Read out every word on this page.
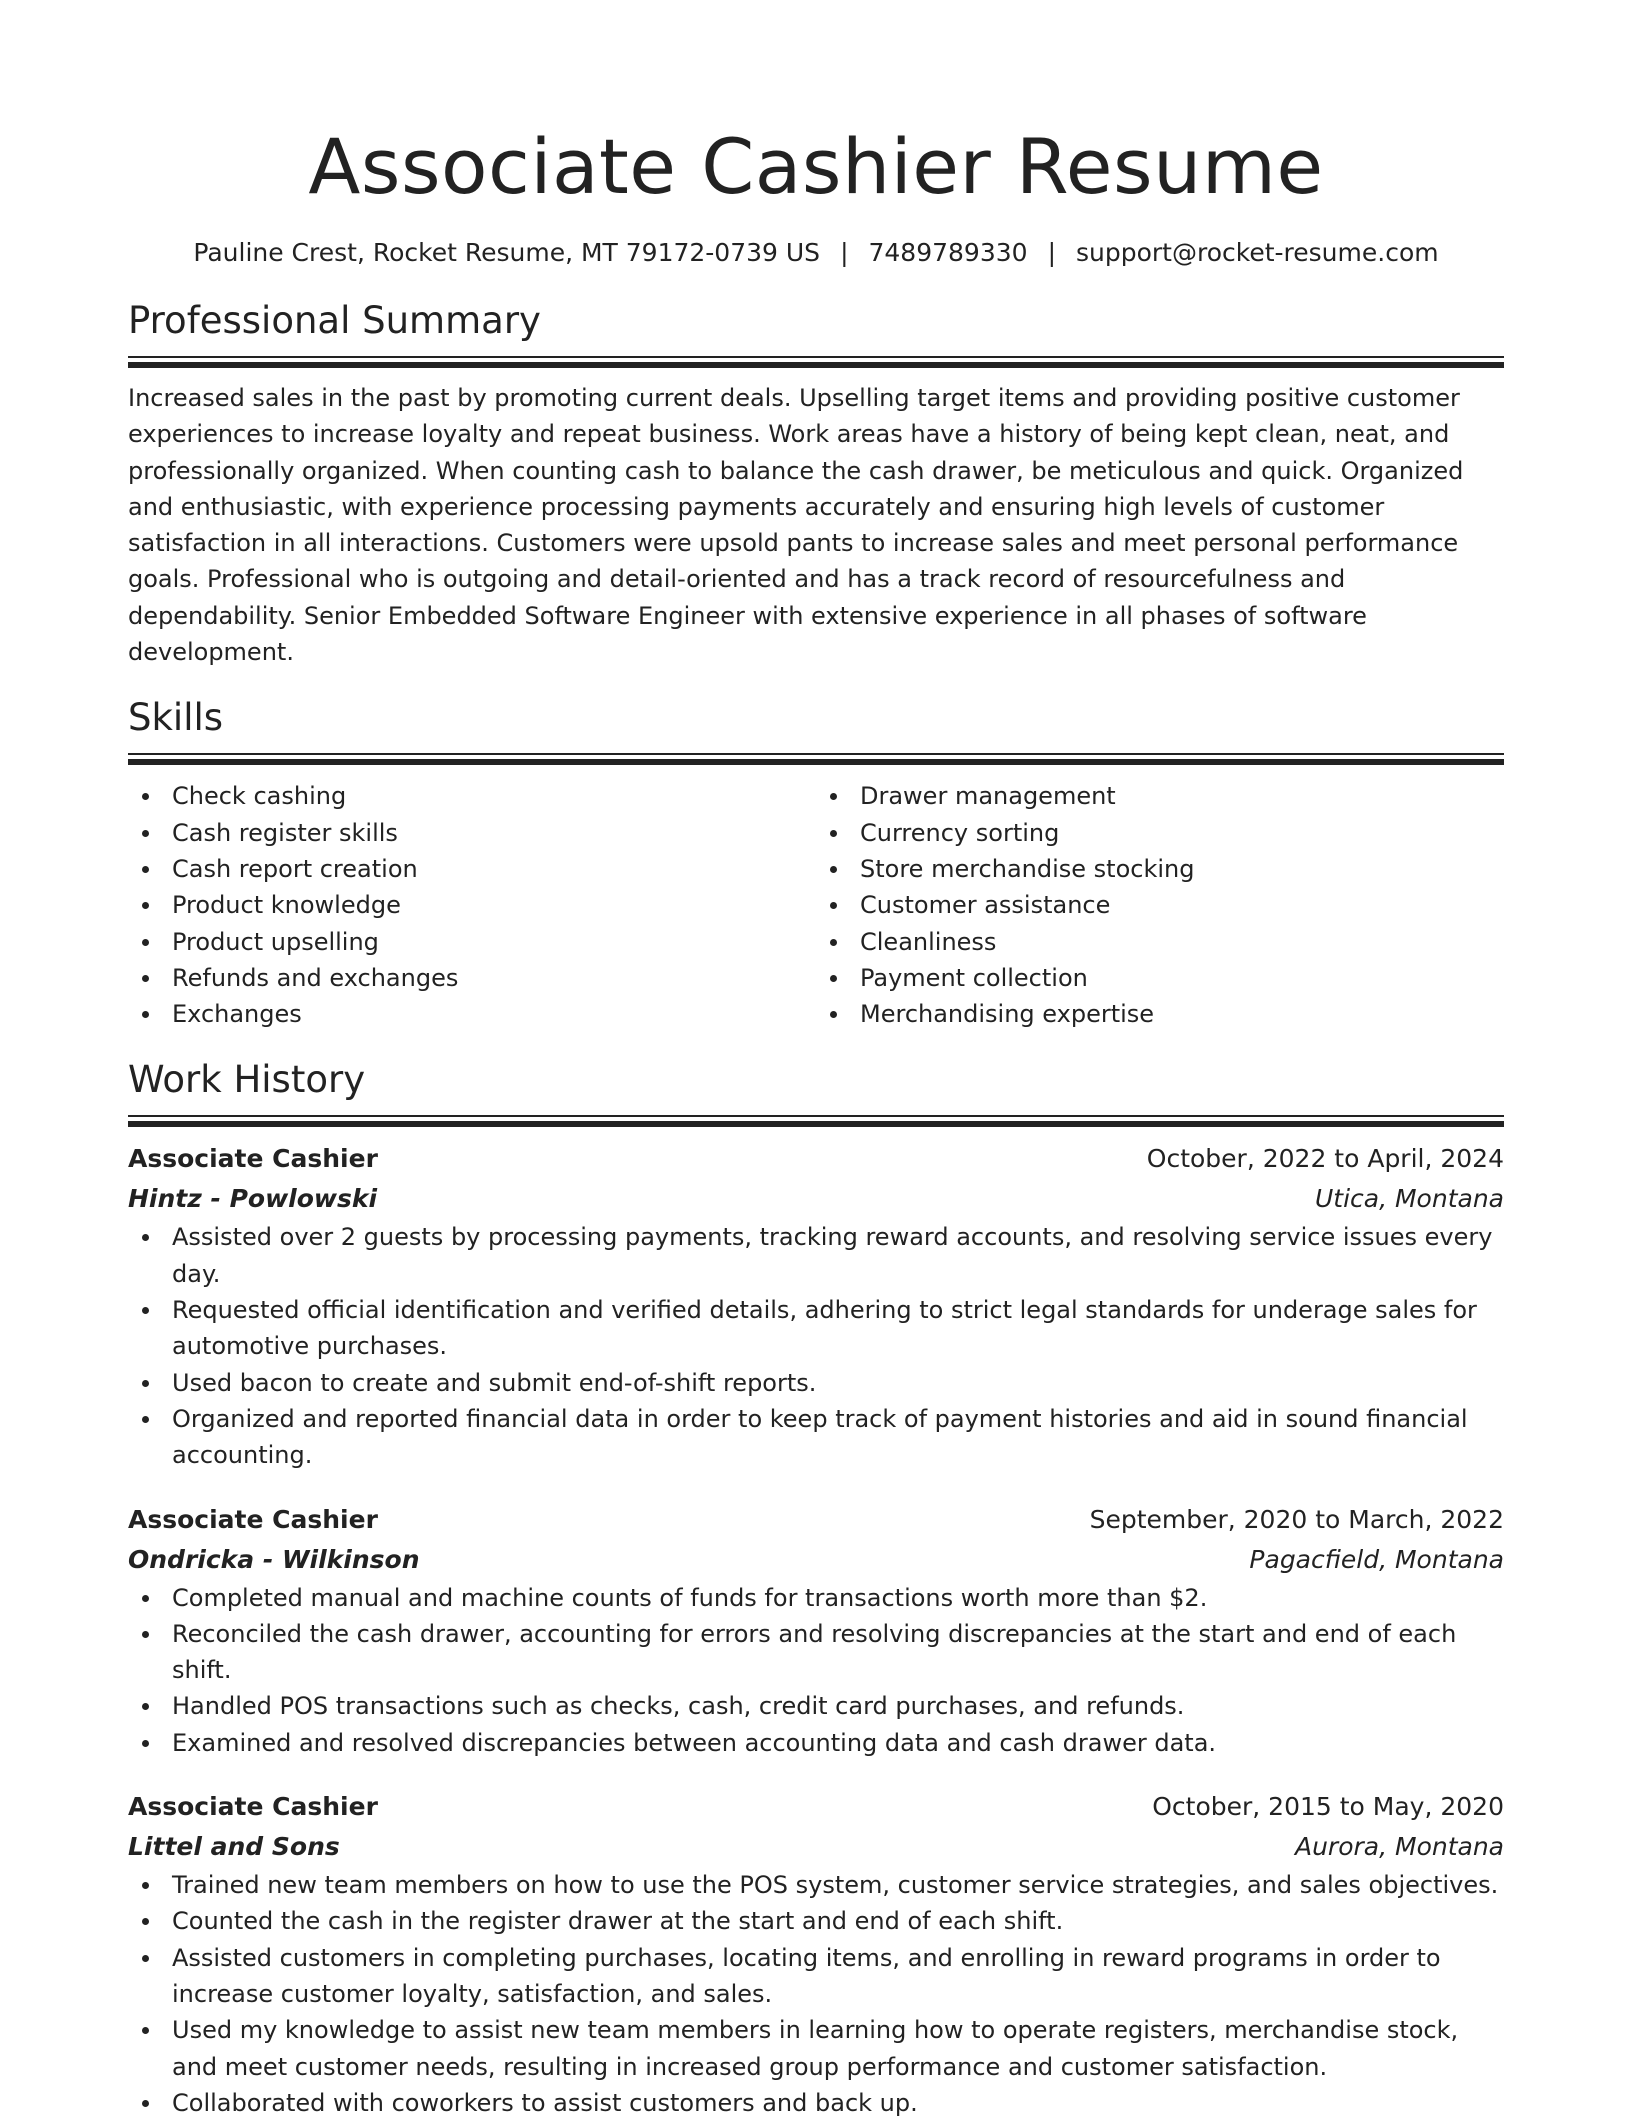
Associate Cashier Resume
Pauline Crest, Rocket Resume, MT 79172-0739 US | 7489789330 | support@rocket-resume.com
Professional Summary

Increased sales in the past by promoting current deals. Upselling target items and providing positive customer experiences to increase loyalty and repeat business. Work areas have a history of being kept clean, neat, and professionally organized. When counting cash to balance the cash drawer, be meticulous and quick. Organized and enthusiastic, with experience processing payments accurately and ensuring high levels of customer satisfaction in all interactions. Customers were upsold pants to increase sales and meet personal performance goals. Professional who is outgoing and detail-oriented and has a track record of resourcefulness and dependability. Senior Embedded Software Engineer with extensive experience in all phases of software development.

Skills
Check cashing
Cash register skills
Cash report creation
Product knowledge
Product upselling
Refunds and exchanges
Exchanges
Drawer management
Currency sorting
Store merchandise stocking
Customer assistance
Cleanliness
Payment collection
Merchandising expertise
Work History
Associate Cashier	October, 2022 to April, 2024
Hintz - Powlowski	Utica, Montana
Assisted over 2 guests by processing payments, tracking reward accounts, and resolving service issues every day.
Requested official identification and verified details, adhering to strict legal standards for underage sales for automotive purchases.
Used bacon to create and submit end-of-shift reports.
Organized and reported financial data in order to keep track of payment histories and aid in sound financial accounting.
Associate Cashier	September, 2020 to March, 2022
Ondricka - Wilkinson	Pagacfield, Montana
Completed manual and machine counts of funds for transactions worth more than $2.
Reconciled the cash drawer, accounting for errors and resolving discrepancies at the start and end of each shift.
Handled POS transactions such as checks, cash, credit card purchases, and refunds.
Examined and resolved discrepancies between accounting data and cash drawer data.
Associate Cashier	October, 2015 to May, 2020
Littel and Sons	Aurora, Montana
Trained new team members on how to use the POS system, customer service strategies, and sales objectives.
Counted the cash in the register drawer at the start and end of each shift.
Assisted customers in completing purchases, locating items, and enrolling in reward programs in order to increase customer loyalty, satisfaction, and sales.
Used my knowledge to assist new team members in learning how to operate registers, merchandise stock, and meet customer needs, resulting in increased group performance and customer satisfaction.
Collaborated with coworkers to assist customers and back up.
